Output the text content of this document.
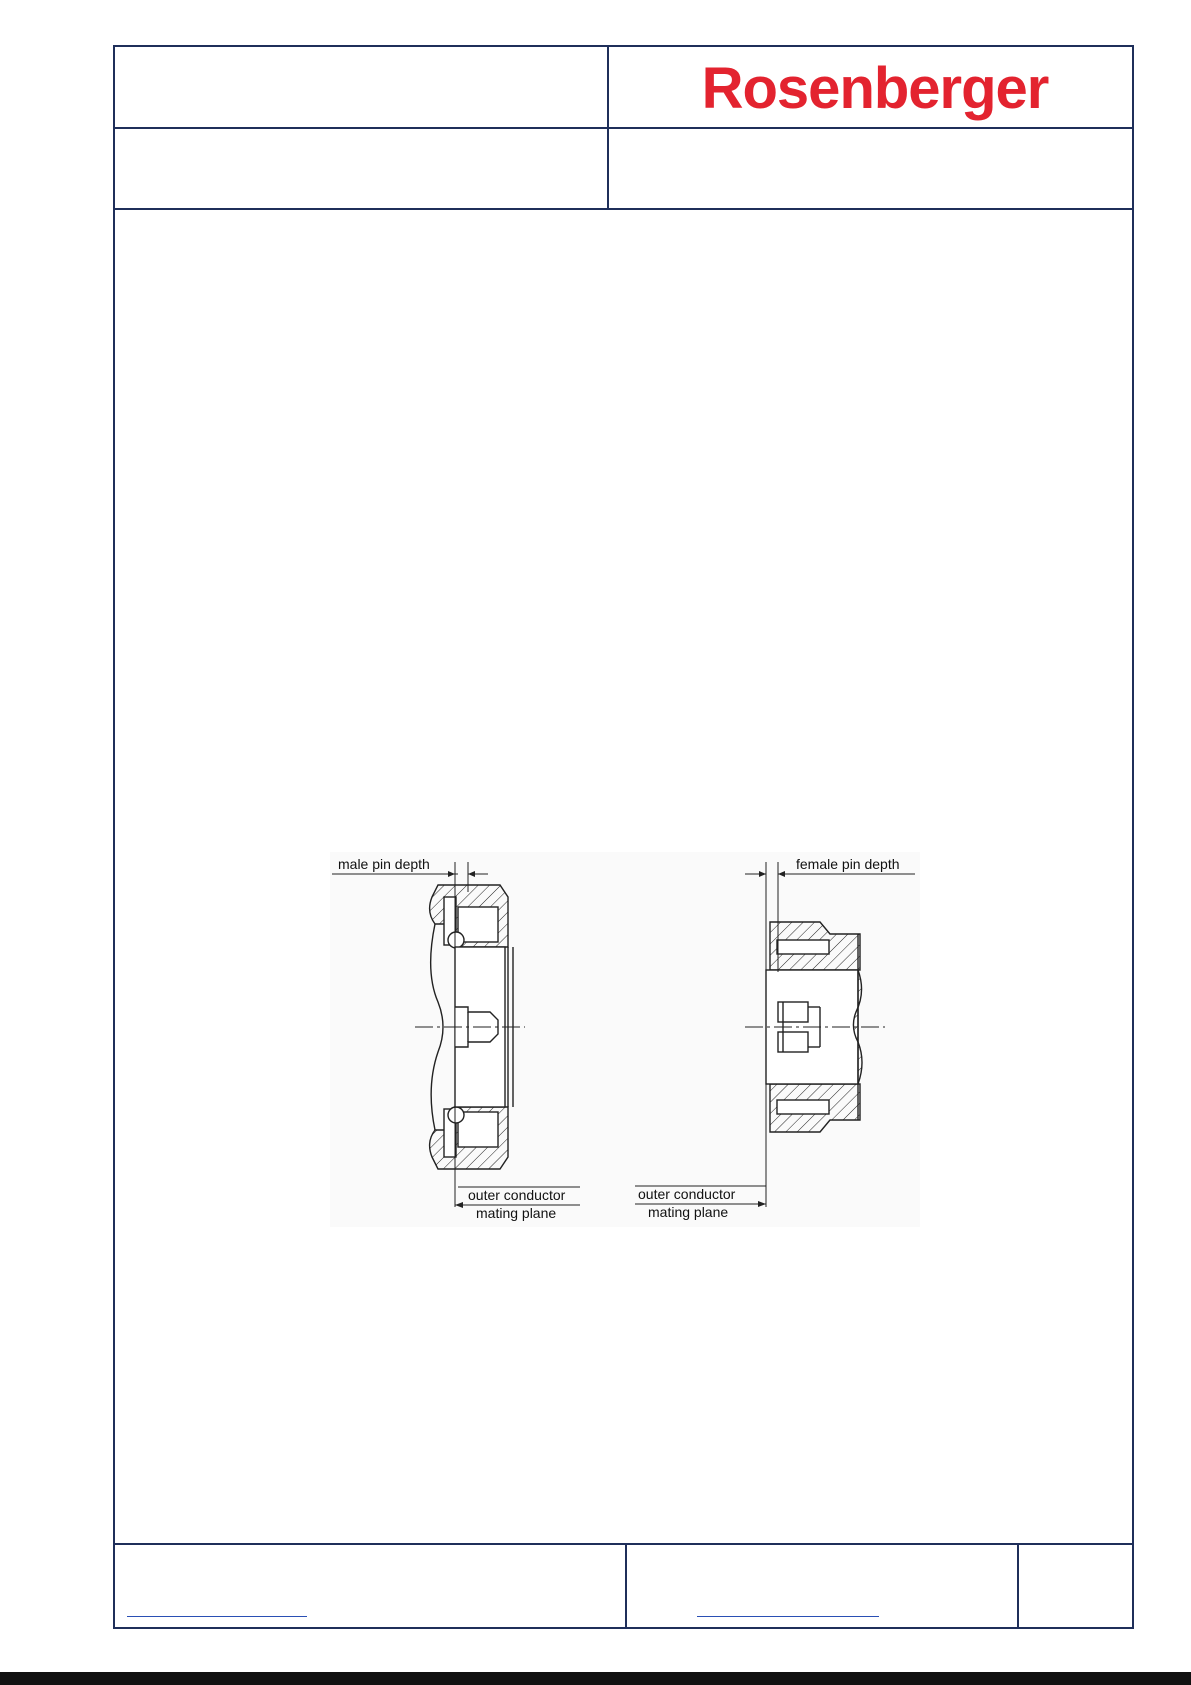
Rosenberger
male pin depth
outer conductor
mating plane
female pin depth
outer conductor
mating plane
